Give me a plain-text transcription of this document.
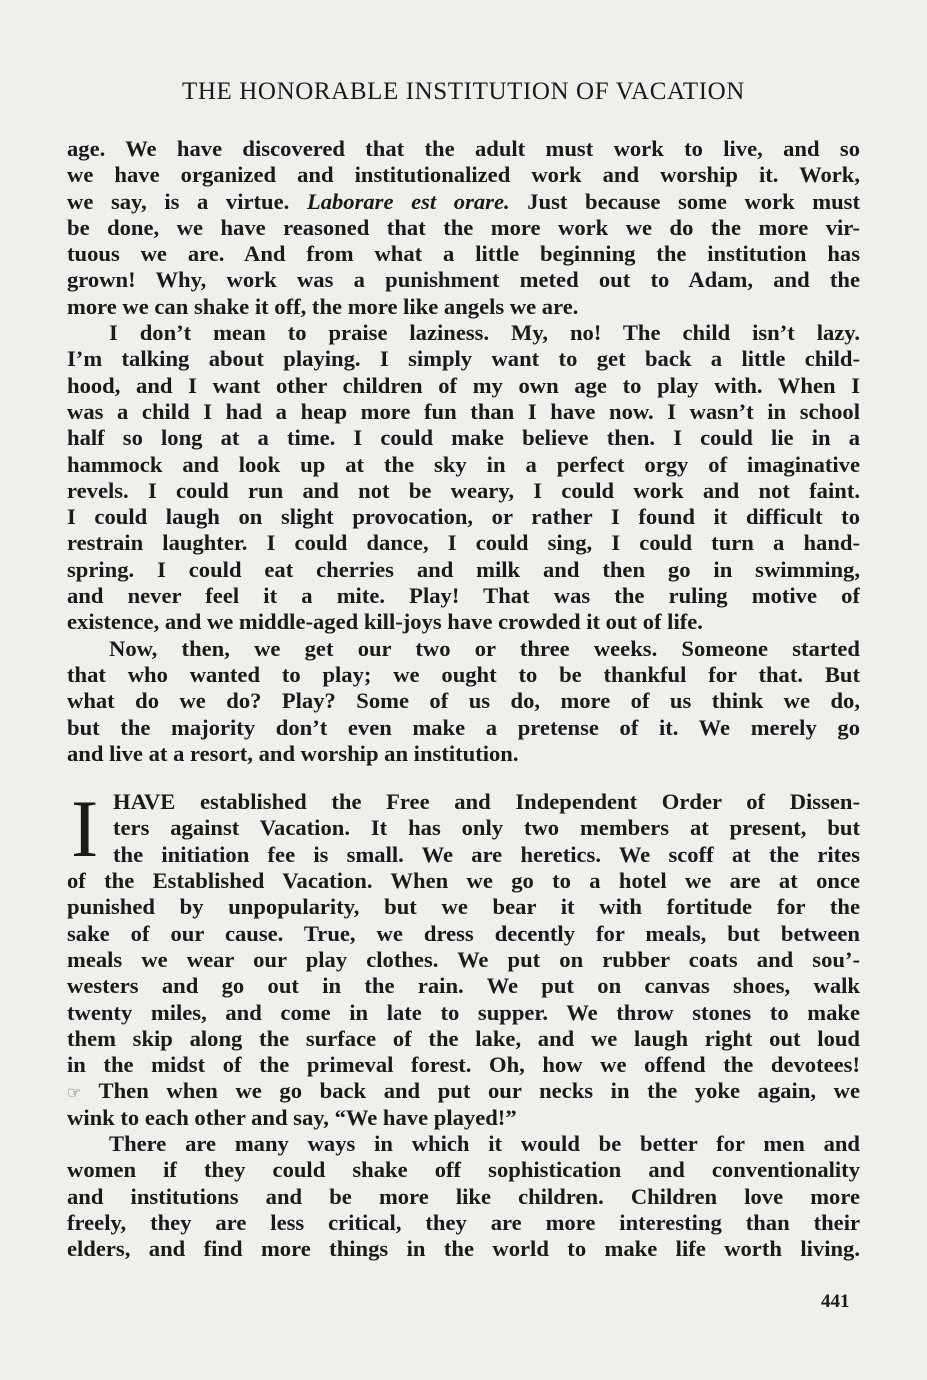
THE HONORABLE INSTITUTION OF VACATION
age. We have discovered that the adult must work to live, and so
we have organized and institutionalized work and worship it. Work,
we say, is a virtue. Laborare est orare. Just because some work must
be done, we have reasoned that the more work we do the more vir-
tuous we are. And from what a little beginning the institution has
grown! Why, work was a punishment meted out to Adam, and the
more we can shake it off, the more like angels we are.
I don’t mean to praise laziness. My, no! The child isn’t lazy.
I’m talking about playing. I simply want to get back a little child-
hood, and I want other children of my own age to play with. When I
was a child I had a heap more fun than I have now. I wasn’t in school
half so long at a time. I could make believe then. I could lie in a
hammock and look up at the sky in a perfect orgy of imaginative
revels. I could run and not be weary, I could work and not faint.
I could laugh on slight provocation, or rather I found it difficult to
restrain laughter. I could dance, I could sing, I could turn a hand-
spring. I could eat cherries and milk and then go in swimming,
and never feel it a mite. Play! That was the ruling motive of
existence, and we middle-aged kill-joys have crowded it out of life.
Now, then, we get our two or three weeks. Someone started
that who wanted to play; we ought to be thankful for that. But
what do we do? Play? Some of us do, more of us think we do,
but the majority don’t even make a pretense of it. We merely go
and live at a resort, and worship an institution.
I HAVE established the Free and Independent Order of Dissen-
ters against Vacation. It has only two members at present, but
the initiation fee is small. We are heretics. We scoff at the rites
of the Established Vacation. When we go to a hotel we are at once
punished by unpopularity, but we bear it with fortitude for the
sake of our cause. True, we dress decently for meals, but between
meals we wear our play clothes. We put on rubber coats and sou’-
westers and go out in the rain. We put on canvas shoes, walk
twenty miles, and come in late to supper. We throw stones to make
them skip along the surface of the lake, and we laugh right out loud
in the midst of the primeval forest. Oh, how we offend the devotees!
☞ Then when we go back and put our necks in the yoke again, we
wink to each other and say, “We have played!”
There are many ways in which it would be better for men and
women if they could shake off sophistication and conventionality
and institutions and be more like children. Children love more
freely, they are less critical, they are more interesting than their
elders, and find more things in the world to make life worth living.
441
